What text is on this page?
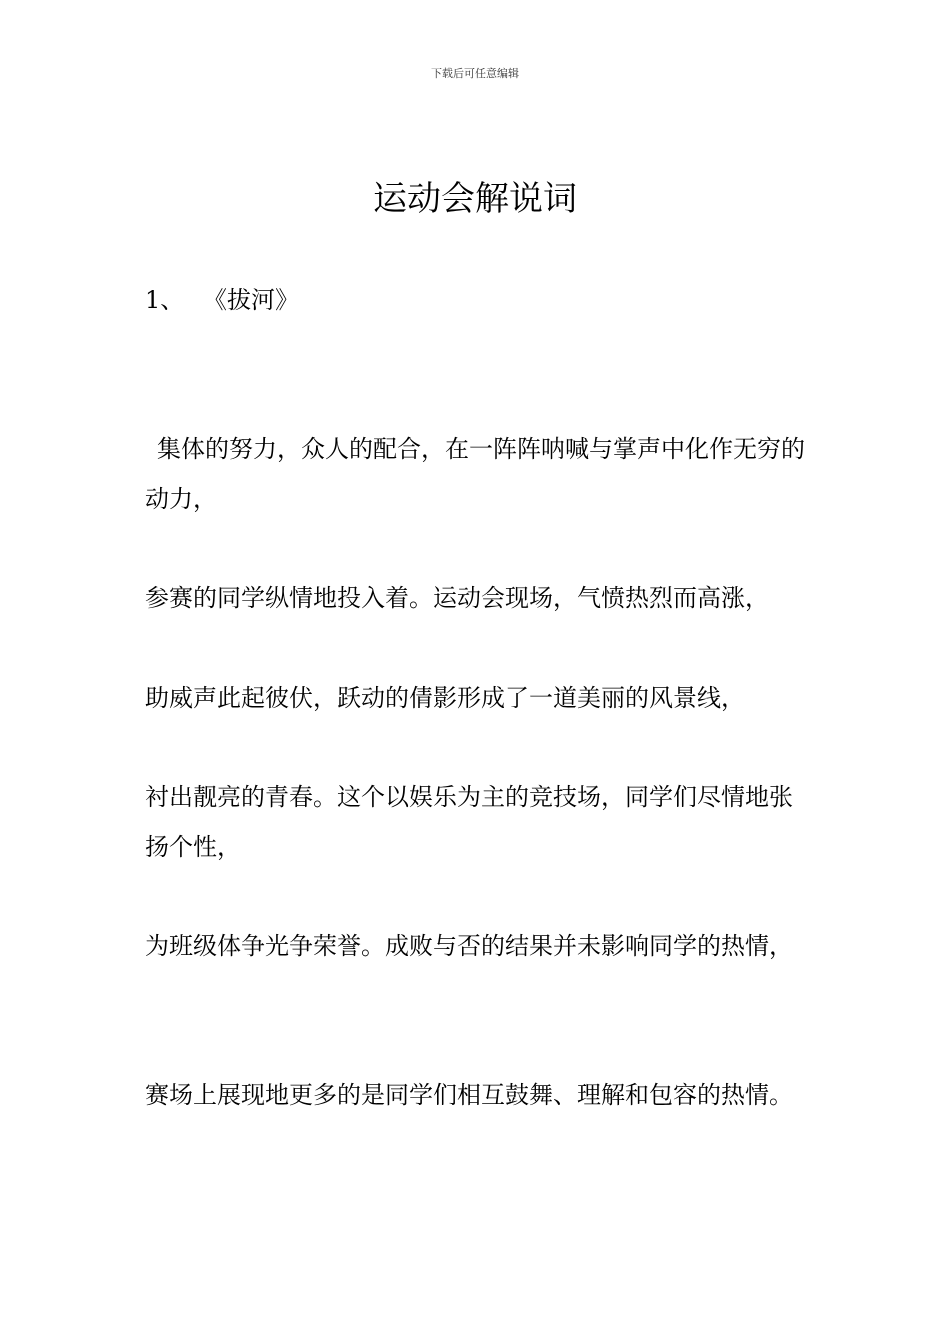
下载后可任意编辑
运动会解说词
1、 《拔河》

集体的努力，众人的配合，在一阵阵呐喊与掌声中化作无穷的动力，

参赛的同学纵情地投入着。运动会现场，气愤热烈而高涨，

助威声此起彼伏，跃动的倩影形成了一道美丽的风景线，

衬出靓亮的青春。这个以娱乐为主的竞技场，同学们尽情地张扬个性，

为班级体争光争荣誉。成败与否的结果并未影响同学的热情，

赛场上展现地更多的是同学们相互鼓舞、理解和包容的热情。
